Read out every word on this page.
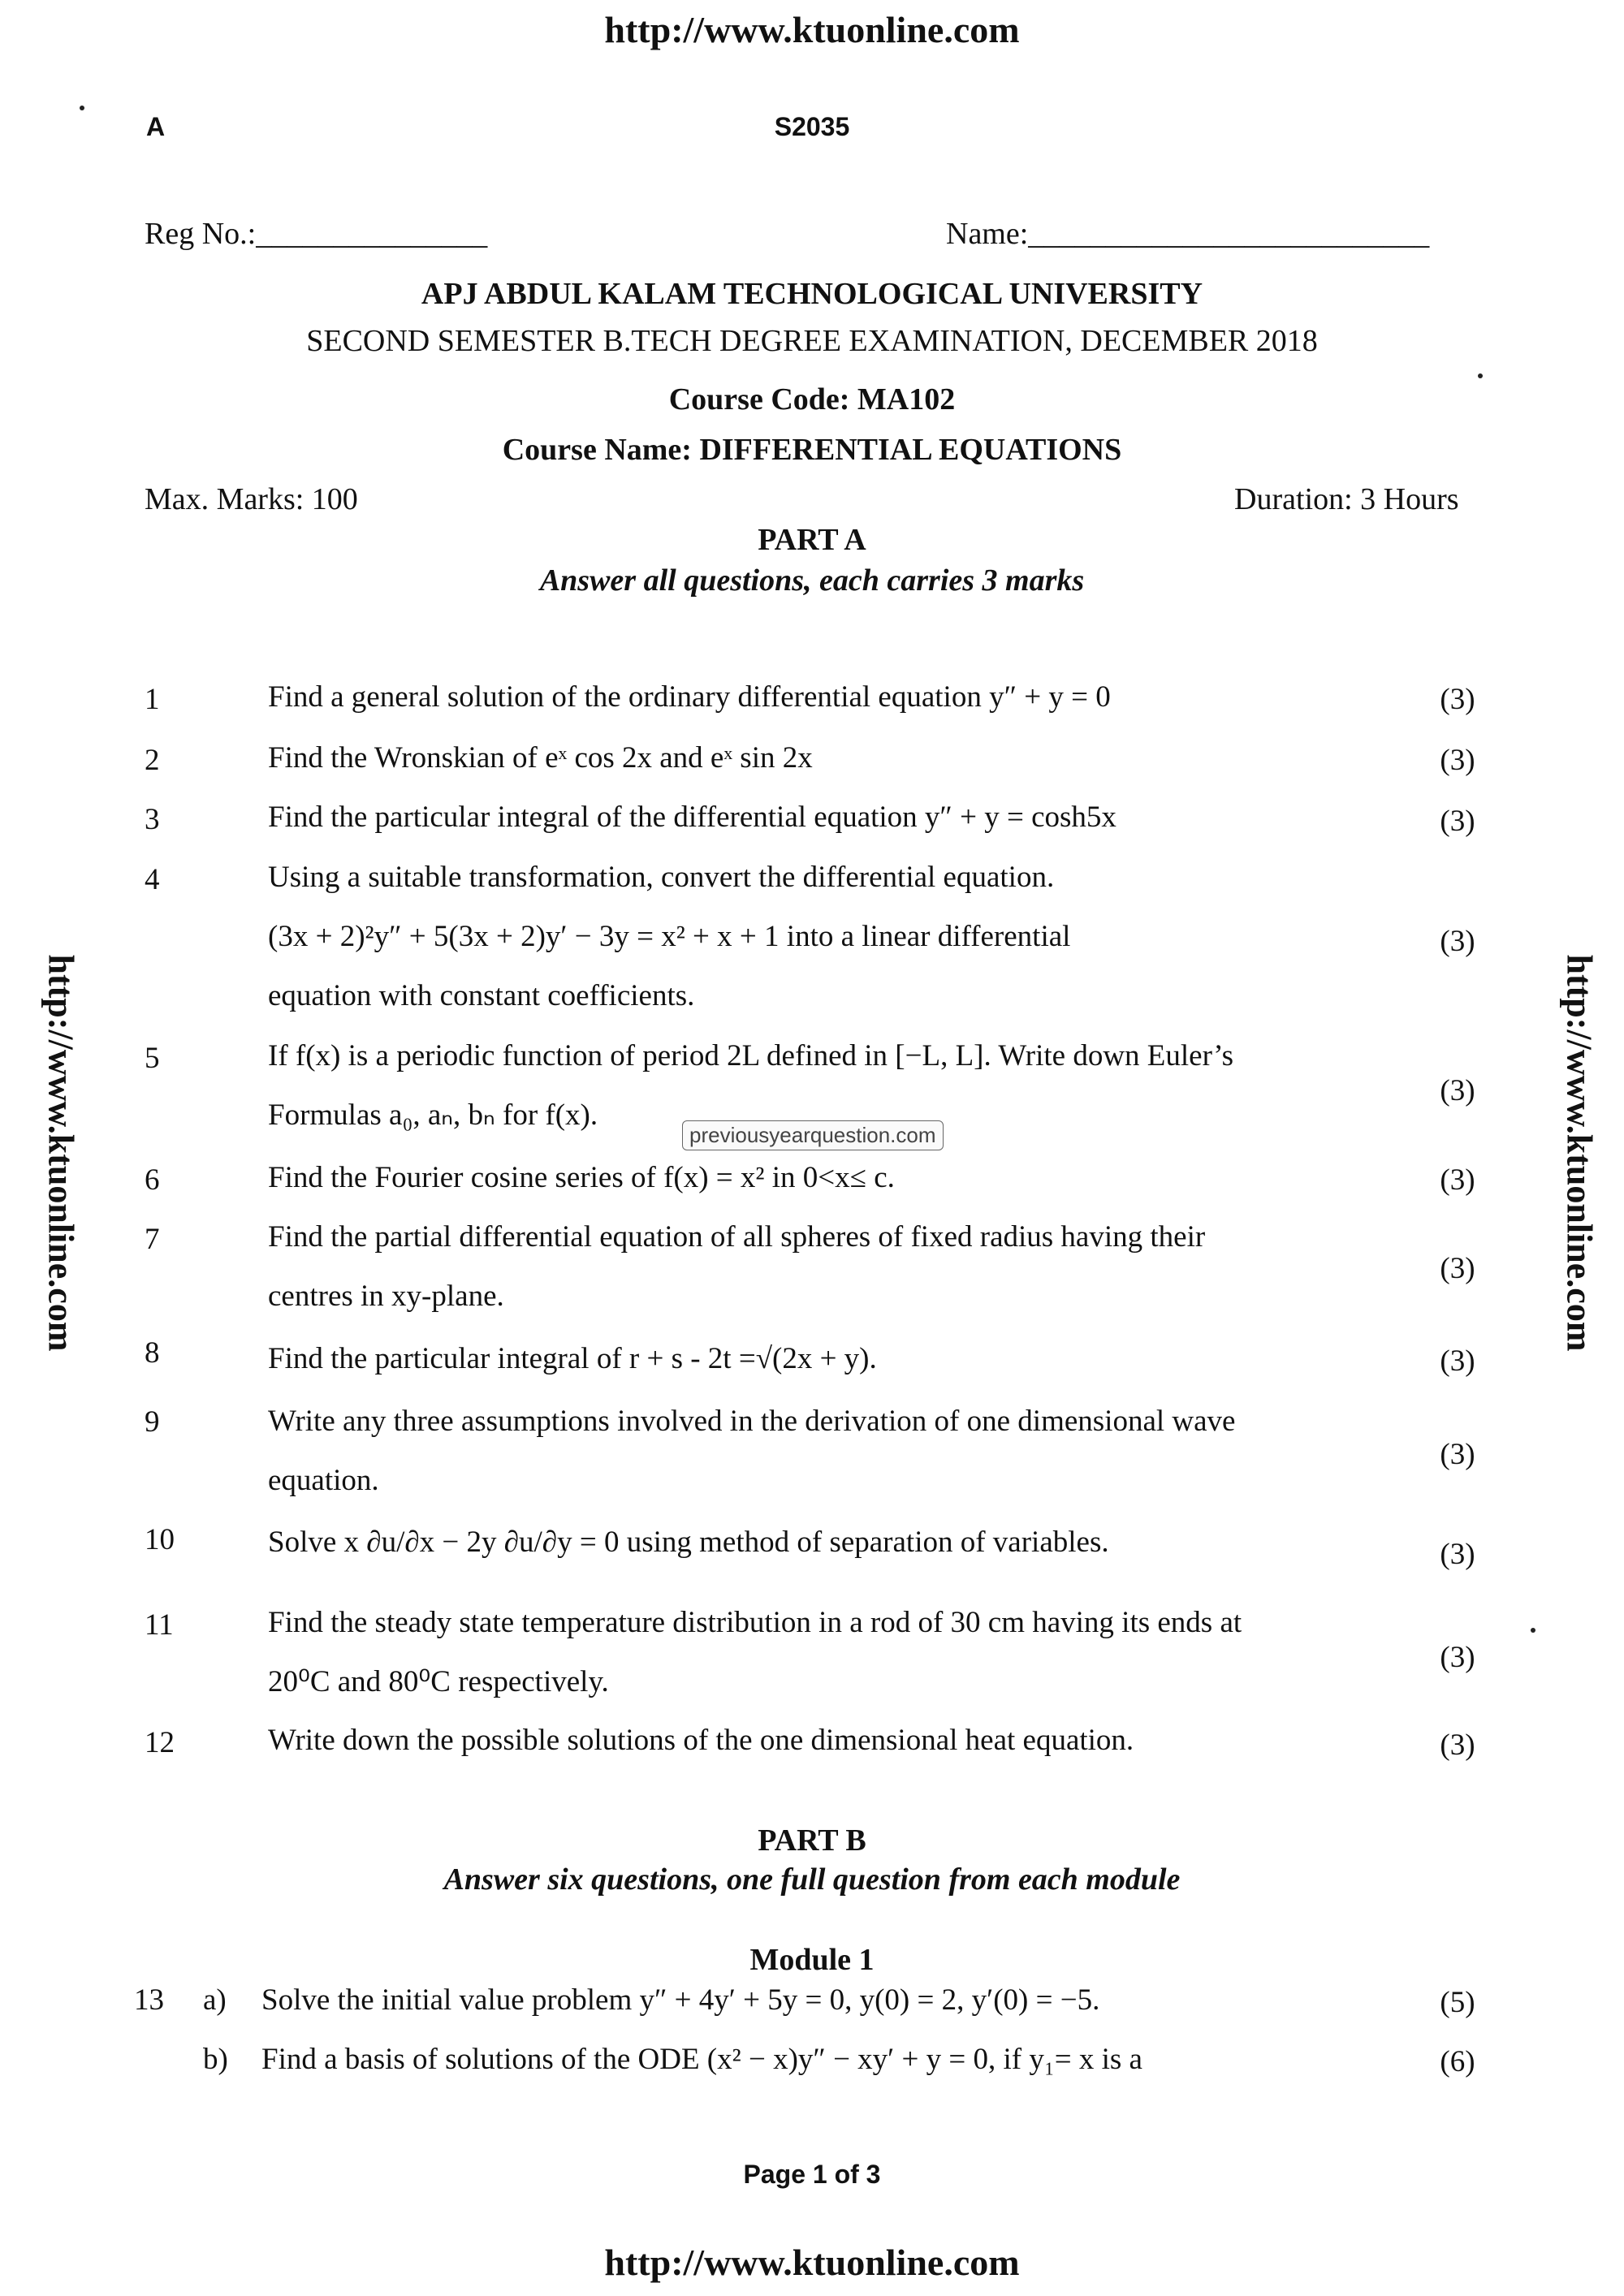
http://www.ktuonline.com
http://www.ktuonline.com
http://www.ktuonline.com	http://www.ktuonline.com
A	S2035
Reg No.:_______________	Name:__________________________
APJ ABDUL KALAM TECHNOLOGICAL UNIVERSITY
SECOND SEMESTER B.TECH DEGREE EXAMINATION, DECEMBER 2018
Course Code: MA102
Course Name: DIFFERENTIAL EQUATIONS
Max. Marks: 100	Duration: 3 Hours
PART A
Answer all questions, each carries 3 marks
1	Find a general solution of the ordinary differential equation y″ + y = 0	(3)
2	Find the Wronskian of eˣ cos 2x and eˣ sin 2x	(3)
3	Find the particular integral of the differential equation y″ + y = cosh5x	(3)
4	Using a suitable transformation, convert the differential equation.
(3x + 2)²y″ + 5(3x + 2)y′ − 3y = x² + x + 1 into a linear differential
equation with constant coefficients.
(3)
5	If f(x) is a periodic function of period 2L defined in [−L, L]. Write down Euler’s
Formulas a₀, aₙ, bₙ for f(x).
(3)
previousyearquestion.com
6	Find the Fourier cosine series of f(x) = x² in 0<x≤ c.	(3)
7	Find the partial differential equation of all spheres of fixed radius having their
centres in xy-plane.
(3)
8	Find the particular integral of r + s - 2t =√(2x + y).	(3)
9	Write any three assumptions involved in the derivation of one dimensional wave
equation.
(3)
10	Solve x ∂u/∂x − 2y ∂u/∂y = 0 using method of separation of variables.	(3)
11	Find the steady state temperature distribution in a rod of 30 cm having its ends at
20⁰C and 80⁰C respectively.
(3)
12	Write down the possible solutions of the one dimensional heat equation.	(3)
PART B
Answer six questions, one full question from each module
Module 1
13 a) Solve the initial value problem y″ + 4y′ + 5y = 0, y(0) = 2, y′(0) = −5.	(5)
b) Find a basis of solutions of the ODE (x² − x)y″ − xy′ + y = 0, if y₁= x is a	(6)
Page 1 of 3
